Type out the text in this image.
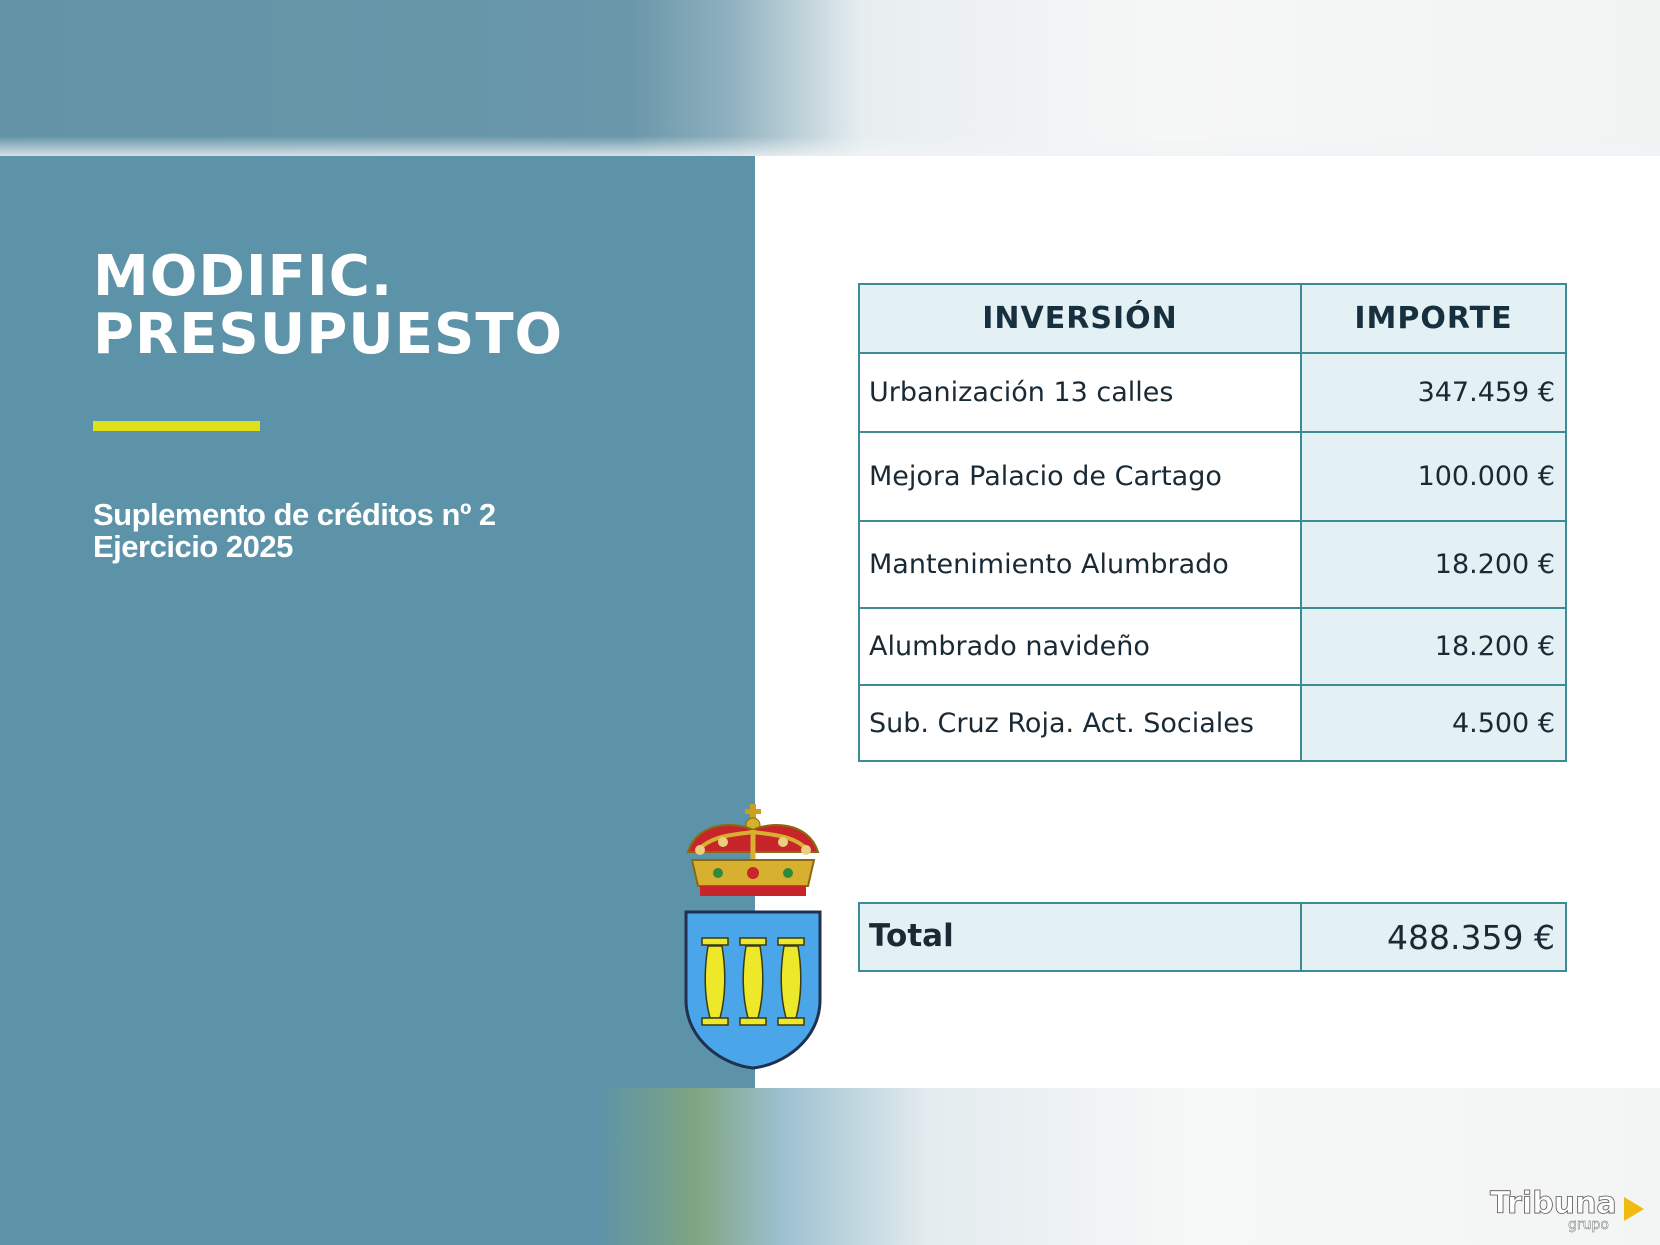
MODIFIC.
PRESUPUESTO
Suplemento de créditos nº 2
Ejercicio 2025
INVERSIÓN	IMPORTE
Urbanización 13 calles	347.459 €
Mejora Palacio de Cartago	100.000 €
Mantenimiento Alumbrado	18.200 €
Alumbrado navideño	18.200 €
Sub. Cruz Roja. Act. Sociales	4.500 €
Total	488.359 €
Tribuna
grupo
